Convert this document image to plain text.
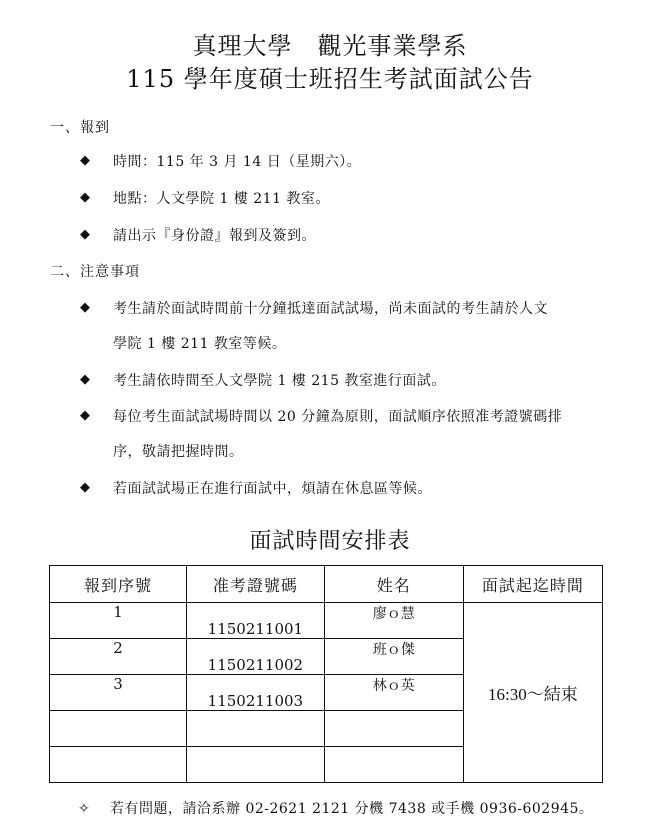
真理大學　觀光事業學系
115 學年度碩士班招生考試面試公告
一、報到
◆ 時間：115 年 3 月 14 日（星期六）。
◆ 地點：人文學院 1 樓 211 教室。
◆ 請出示『身份證』報到及簽到。
二、注意事項
◆ 考生請於面試時間前十分鐘抵達面試試場，尚未面試的考生請於人文
學院 1 樓 211 教室等候。
◆ 考生請依時間至人文學院 1 樓 215 教室進行面試。
◆ 每位考生面試試場時間以 20 分鐘為原則，面試順序依照准考證號碼排
序，敬請把握時間。
◆ 若面試試場正在進行面試中，煩請在休息區等候。
面試時間安排表
報到序號	准考證號碼	姓名	面試起迄時間
1	1150211001	廖ｏ慧	16:30～結束
2	1150211002	班ｏ傑	
3	1150211003	林ｏ英	

✧ 若有問題，請洽系辦 02-2621 2121 分機 7438 或手機 0936-602945。
